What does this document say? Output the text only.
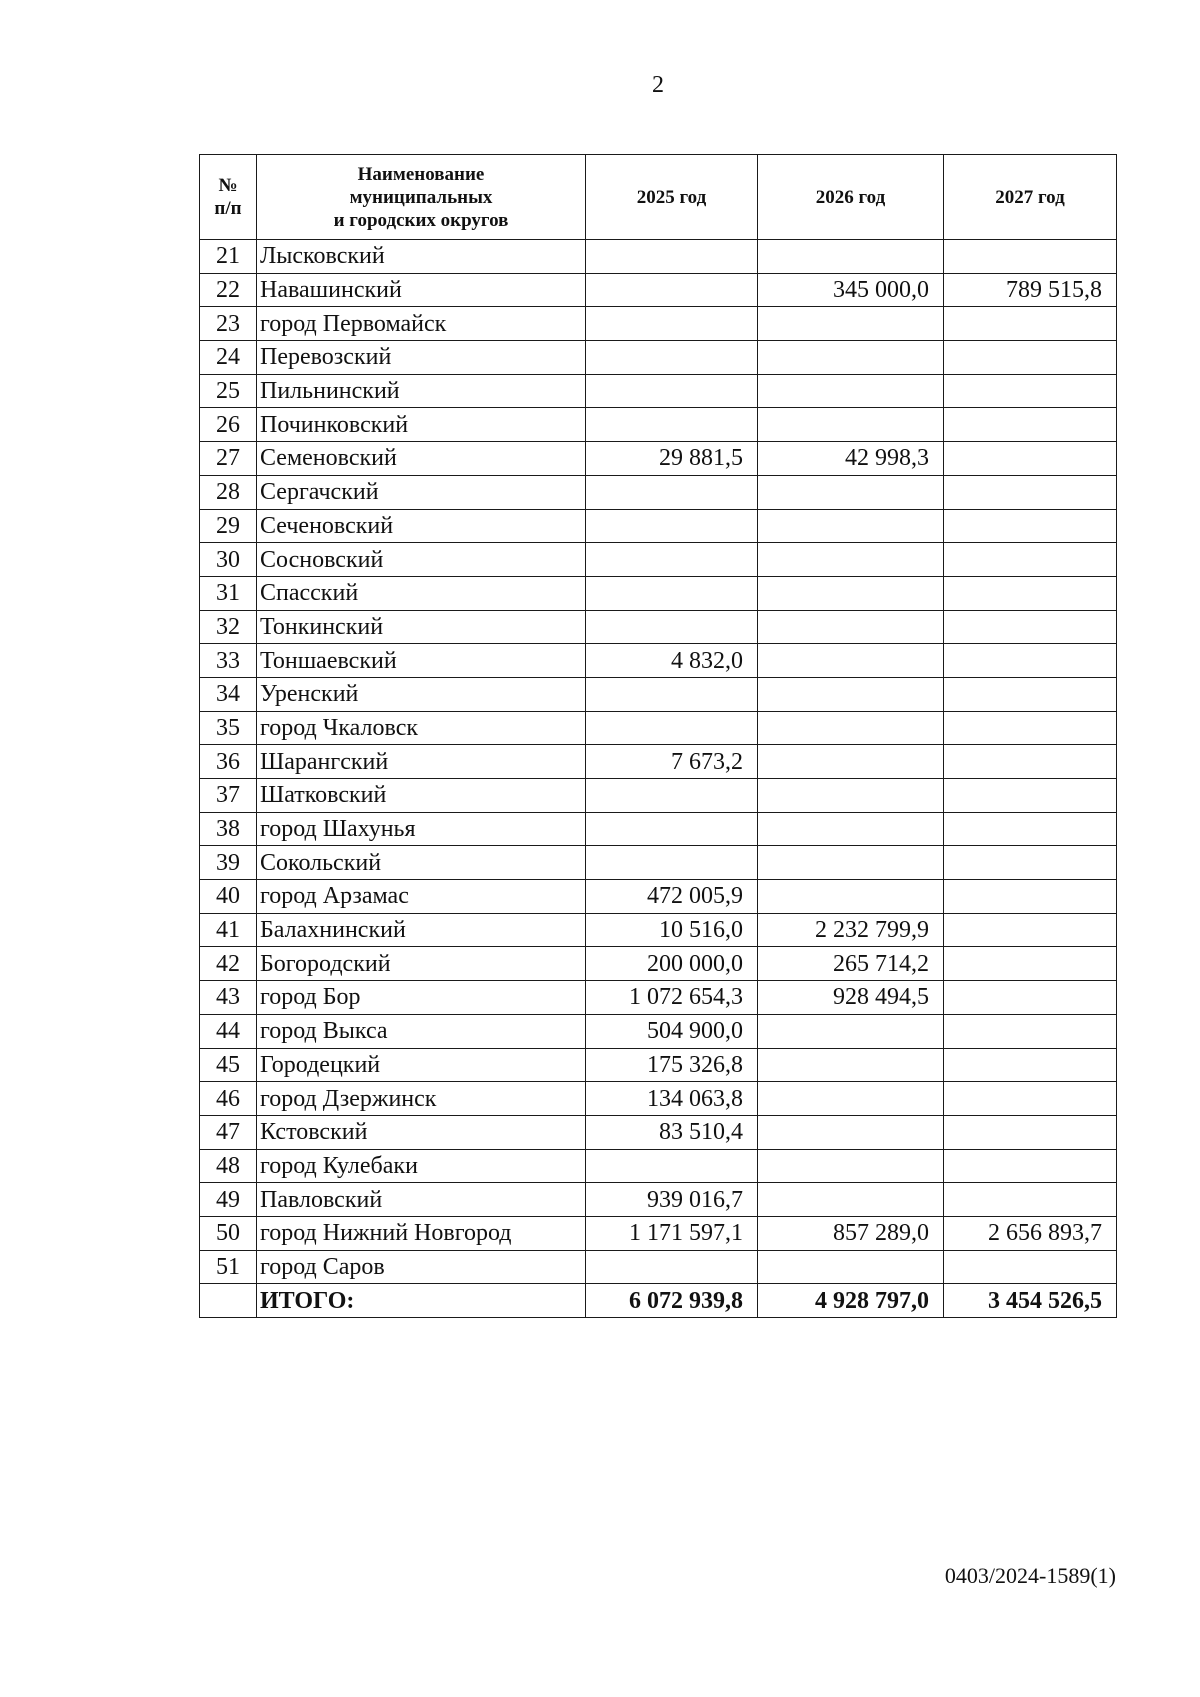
2
№
п/п	Наименование
муниципальных
и городских округов	2025 год	2026 год	2027 год
21	Лысковский			
22	Навашинский		345 000,0	789 515,8
23	город Первомайск			
24	Перевозский			
25	Пильнинский			
26	Починковский			
27	Семеновский	29 881,5	42 998,3	
28	Сергачский			
29	Сеченовский			
30	Сосновский			
31	Спасский			
32	Тонкинский			
33	Тоншаевский	4 832,0		
34	Уренский			
35	город Чкаловск			
36	Шарангский	7 673,2		
37	Шатковский			
38	город Шахунья			
39	Сокольский			
40	город Арзамас	472 005,9		
41	Балахнинский	10 516,0	2 232 799,9	
42	Богородский	200 000,0	265 714,2	
43	город Бор	1 072 654,3	928 494,5	
44	город Выкса	504 900,0		
45	Городецкий	175 326,8		
46	город Дзержинск	134 063,8		
47	Кстовский	83 510,4		
48	город Кулебаки			
49	Павловский	939 016,7		
50	город Нижний Новгород	1 171 597,1	857 289,0	2 656 893,7
51	город Саров			
	ИТОГО:	6 072 939,8	4 928 797,0	3 454 526,5
0403/2024-1589(1)
